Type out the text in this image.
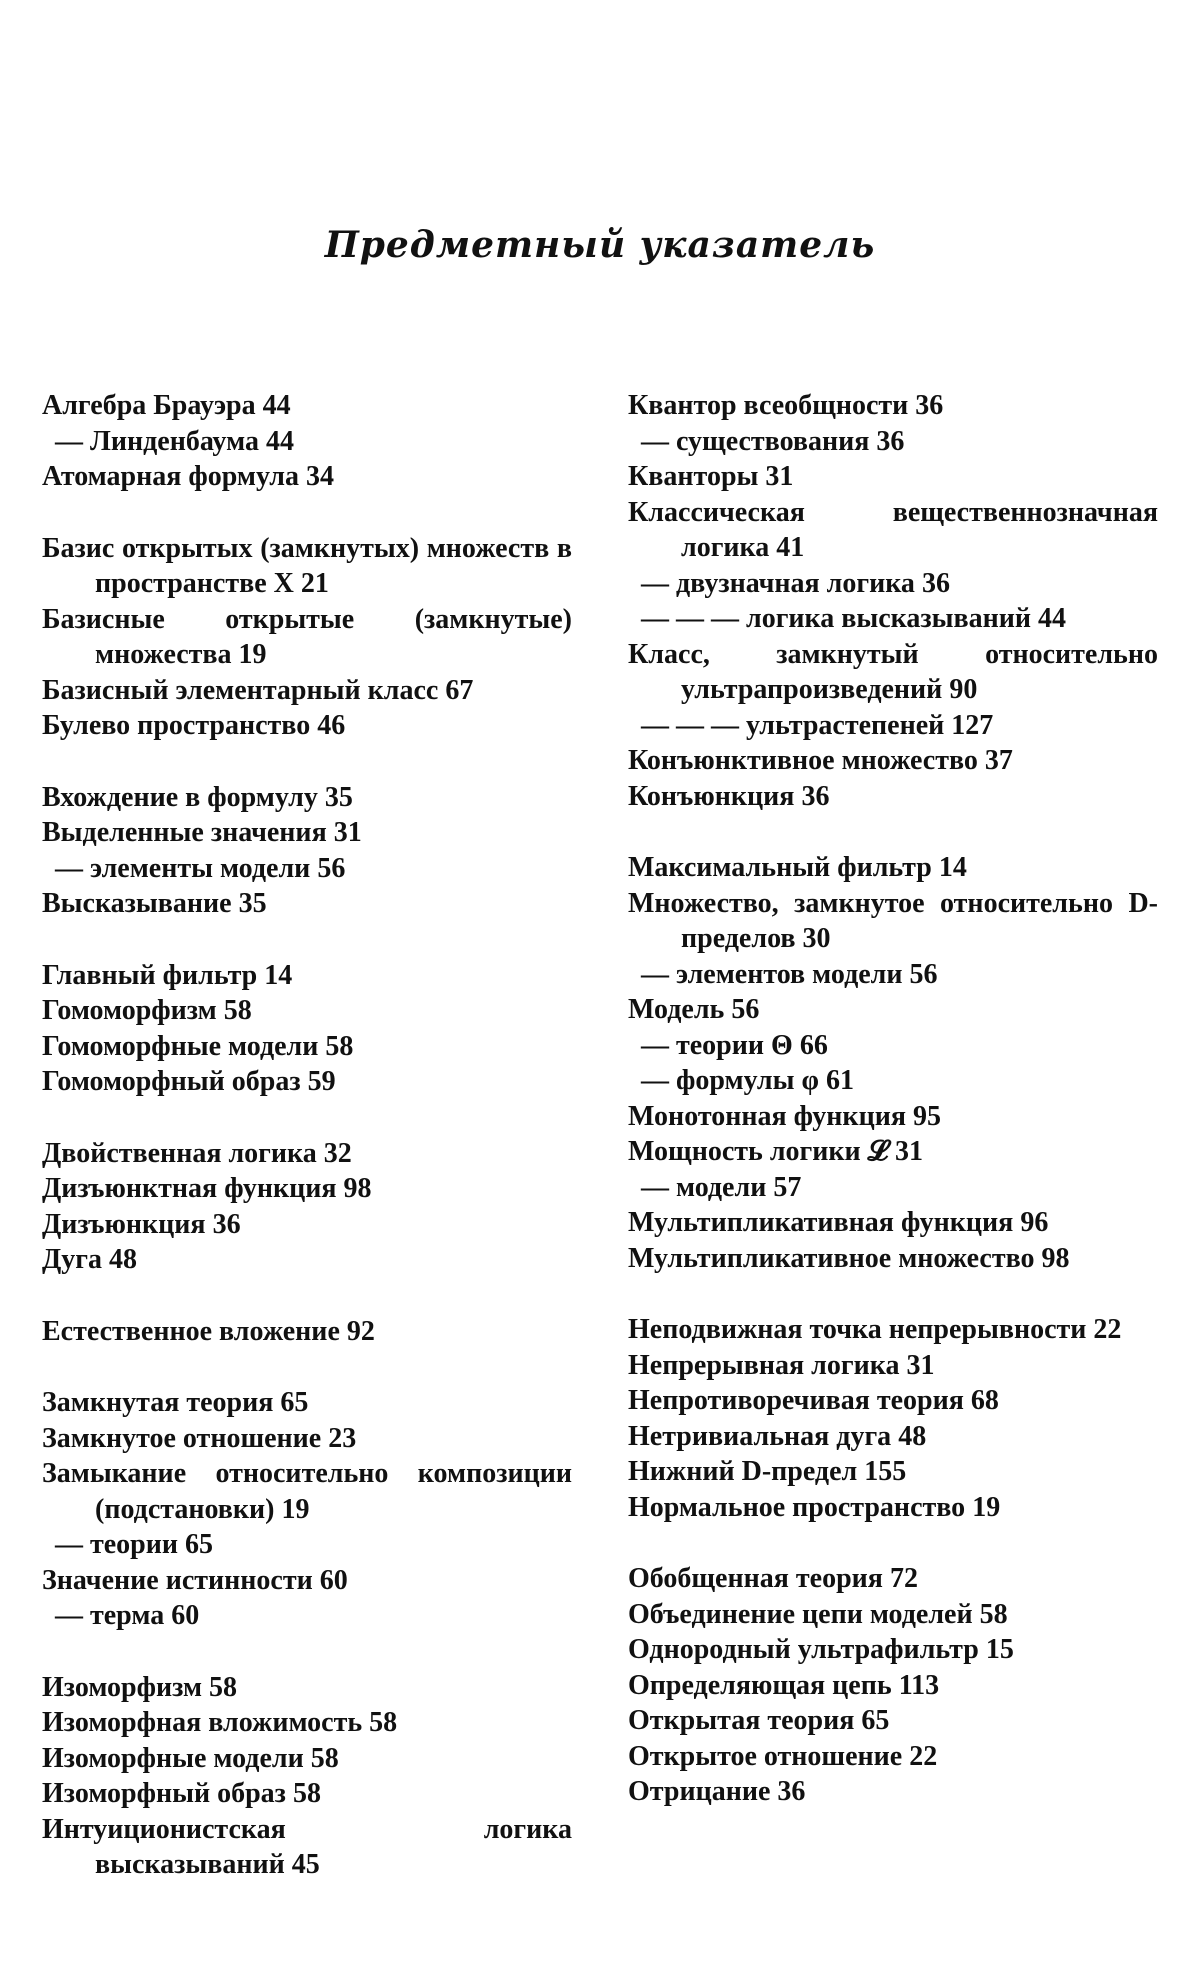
Предметный указатель
Алгебра Брауэра 44
— Линденбаума 44
Атомарная формула 34
Базис открытых (замкнутых) множеств в пространстве X 21
Базисные открытые (замкнутые) множества 19
Базисный элементарный класс 67
Булево пространство 46
Вхождение в формулу 35
Выделенные значения 31
— элементы модели 56
Высказывание 35
Главный фильтр 14
Гомоморфизм 58
Гомоморфные модели 58
Гомоморфный образ 59
Двойственная логика 32
Дизъюнктная функция 98
Дизъюнкция 36
Дуга 48
Естественное вложение 92
Замкнутая теория 65
Замкнутое отношение 23
Замыкание относительно композиции (подстановки) 19
— теории 65
Значение истинности 60
— терма 60
Изоморфизм 58
Изоморфная вложимость 58
Изоморфные модели 58
Изоморфный образ 58
Интуиционистская логика высказываний 45
Квантор всеобщности 36
— существования 36
Кванторы 31
Классическая вещественнозначная логика 41
— двузначная логика 36
— — — логика высказываний 44
Класс, замкнутый относительно ультрапроизведений 90
— — — ультрастепеней 127
Конъюнктивное множество 37
Конъюнкция 36
Максимальный фильтр 14
Множество, замкнутое относительно D-пределов 30
— элементов модели 56
Модель 56
— теории Θ 66
— формулы φ 61
Монотонная функция 95
Мощность логики 𝓛 31
— модели 57
Мультипликативная функция 96
Мультипликативное множество 98
Неподвижная точка непрерывности 22
Непрерывная логика 31
Непротиворечивая теория 68
Нетривиальная дуга 48
Нижний D-предел 155
Нормальное пространство 19
Обобщенная теория 72
Объединение цепи моделей 58
Однородный ультрафильтр 15
Определяющая цепь 113
Открытая теория 65
Открытое отношение 22
Отрицание 36
